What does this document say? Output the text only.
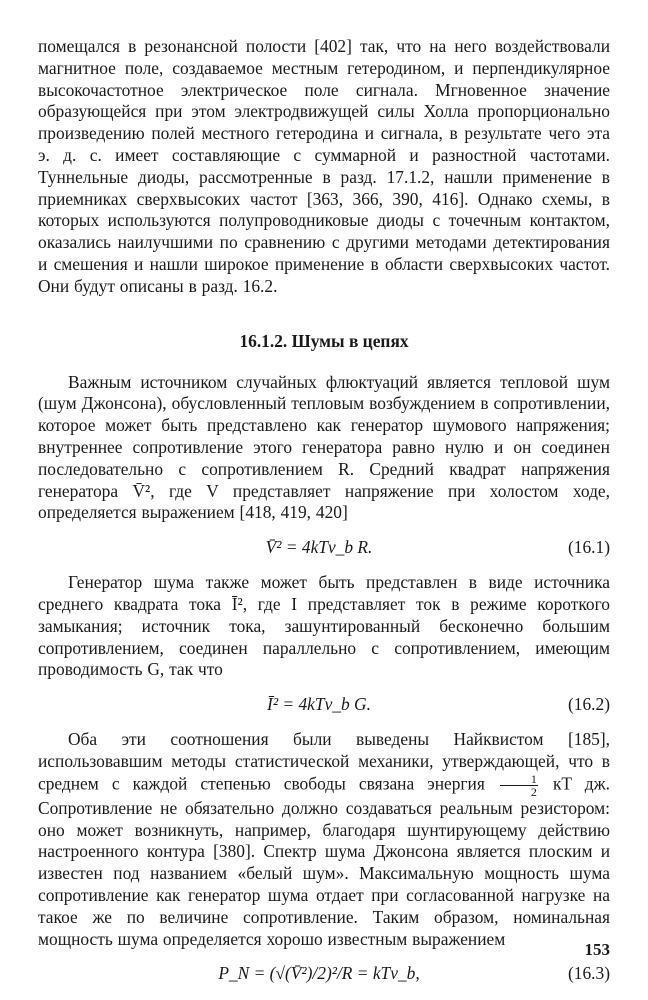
помещался в резонансной полости [402] так, что на него воздействовали магнитное поле, создаваемое местным гетеродином, и перпендикулярное высокочастотное электрическое поле сигнала. Мгновенное значение образующейся при этом электродвижущей силы Холла пропорционально произведению полей местного гетеродина и сигнала, в результате чего эта э. д. с. имеет составляющие с суммарной и разностной частотами. Туннельные диоды, рассмотренные в разд. 17.1.2, нашли применение в приемниках сверхвысоких частот [363, 366, 390, 416]. Однако схемы, в которых используются полупроводниковые диоды с точечным контактом, оказались наилучшими по сравнению с другими методами детектирования и смешения и нашли широкое применение в области сверхвысоких частот. Они будут описаны в разд. 16.2.

16.1.2. Шумы в цепях

Важным источником случайных флюктуаций является тепловой шум (шум Джонсона), обусловленный тепловым возбуждением в сопротивлении, которое может быть представлено как генератор шумового напряжения; внутреннее сопротивление этого генератора равно нулю и он соединен последовательно с сопротивлением R. Средний квадрат напряжения генератора V̄², где V представляет напряжение при холостом ходе, определяется выражением [418, 419, 420]

V̄² = 4kTν_b R.	(16.1)

Генератор шума также может быть представлен в виде источника среднего квадрата тока Ī², где I представляет ток в режиме короткого замыкания; источник тока, зашунтированный бесконечно большим сопротивлением, соединен параллельно с сопротивлением, имеющим проводимость G, так что

Ī² = 4kTν_b G.	(16.2)

Оба эти соотношения были выведены Найквистом [185], использовавшим методы статистической механики, утверждающей, что в среднем с каждой степенью свободы связана энергия $\frac{1}{2}$ кT дж. Сопротивление не обязательно должно создаваться реальным резистором: оно может возникнуть, например, благодаря шунтирующему действию настроенного контура [380]. Спектр шума Джонсона является плоским и известен под названием «белый шум». Максимальную мощность шума сопротивление как генератор шума отдает при согласованной нагрузке на такое же по величине сопротивление. Таким образом, номинальная мощность шума определяется хорошо известным выражением

P_N = (√(V̄²)/2)²/R = kTν_b,	(16.3)
153
